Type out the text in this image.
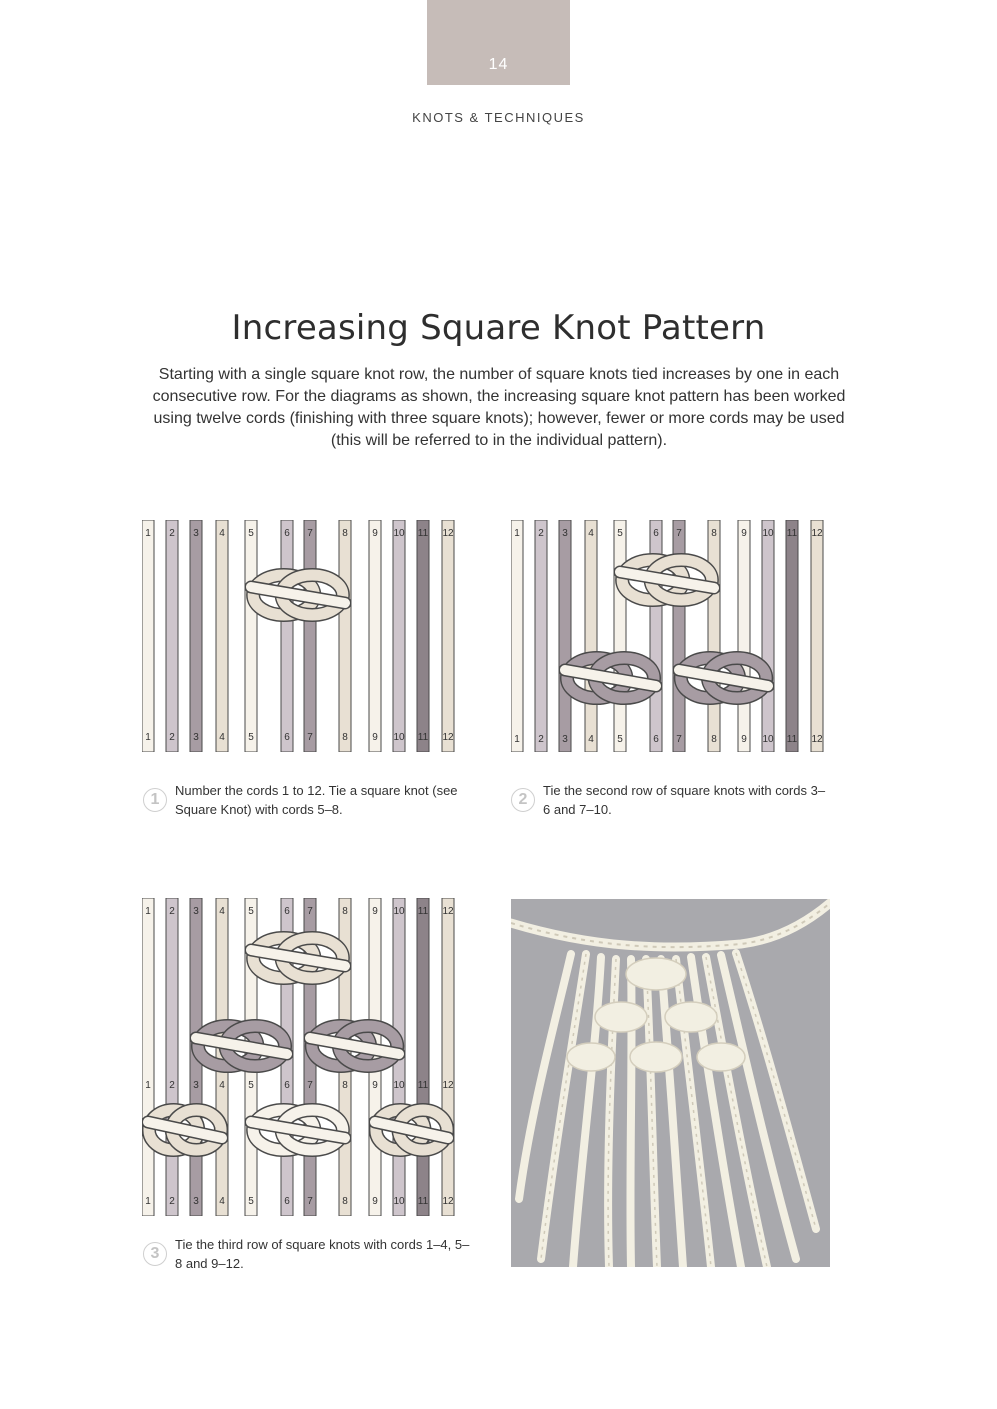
14
KNOTS & TECHNIQUES
Increasing Square Knot Pattern

Starting with a single square knot row, the number of square knots tied increases by one in each consecutive row. For the diagrams as shown, the increasing square knot pattern has been worked using twelve cords (finishing with three square knots); however, fewer or more cords may be used (this will be referred to in the individual pattern).

1 2 3 4 5	6 7	8 9 10 11 12
1 2 3 4 5	6 7	8 9 10 11 12
1 2 3 4 5	6 7	8 9 10 11 12
1 2 3 4 5	6 7	8 9 10 11 12
1 2 3 4 5	6 7	8 9 10 11 12
1 2 3 4 5	6 7	8 9 10 11 12
1 2 3 4 5	6 7	8 9 10 11 12
1
Number the cords 1 to 12. Tie a square knot (see Square Knot) with cords 5–8.
2
Tie the second row of square knots with cords 3–6 and 7–10.
3
Tie the third row of square knots with cords 1–4, 5–8 and 9–12.
